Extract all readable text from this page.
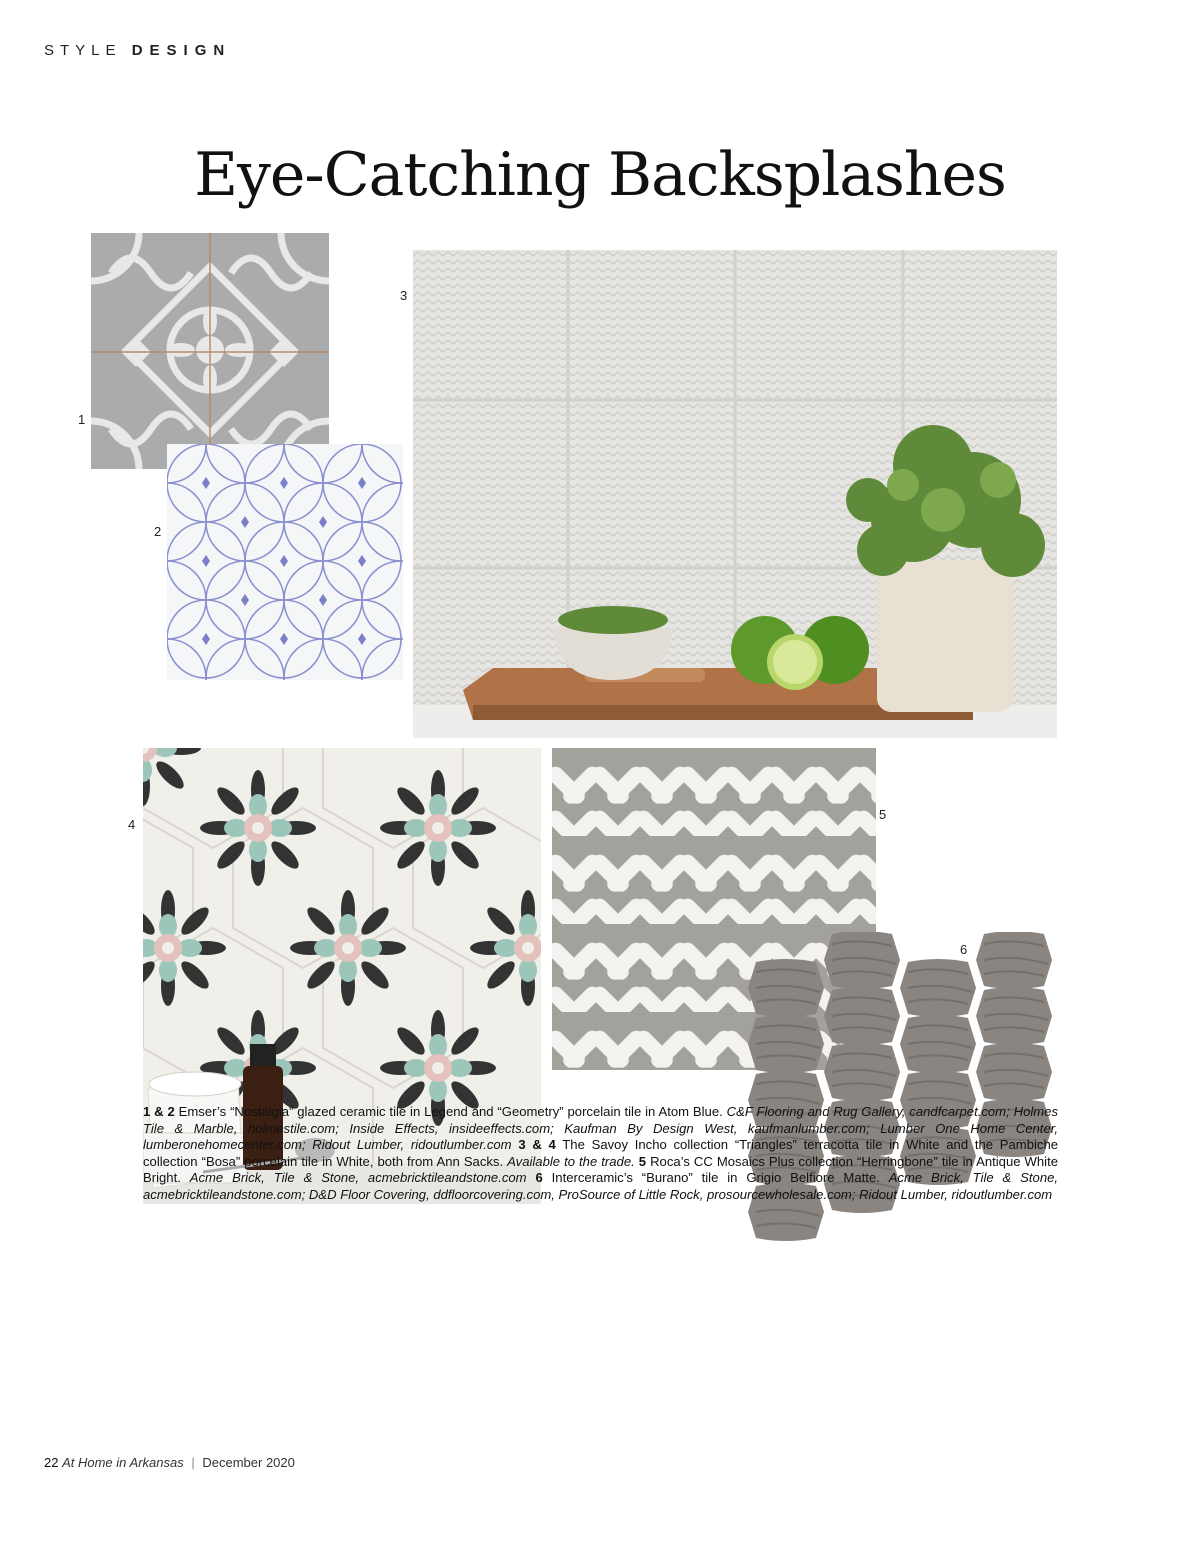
STYLE DESIGN
Eye-Catching Backsplashes
1
2
3
4
5
6
1 & 2 Emser’s “Nostalgia” glazed ceramic tile in Legend and “Geometry” porcelain tile in Atom Blue. C&F Flooring and Rug Gallery, candfcarpet.com; Holmes Tile & Marble, holmestile.com; Inside Effects, insideeffects.com; Kaufman By Design West, kaufmanlumber.com; Lumber One Home Center, lumberonehomecenter.com; Ridout Lumber, ridoutlumber.com 3 & 4 The Savoy Incho collection “Triangles” terracotta tile in White and the Pambiche collection “Bosa” porcelain tile in White, both from Ann Sacks. Available to the trade. 5 Roca’s CC Mosaics Plus collection “Herringbone” tile in Antique White Bright. Acme Brick, Tile & Stone, acmebricktileandstone.com 6 Interceramic’s “Burano” tile in Grigio Belfiore Matte. Acme Brick, Tile & Stone, acmebricktileandstone.com; D&D Floor Covering, ddfloorcovering.com, ProSource of Little Rock, prosourcewholesale.com; Ridout Lumber, ridoutlumber.com
22 At Home in Arkansas | December 2020
